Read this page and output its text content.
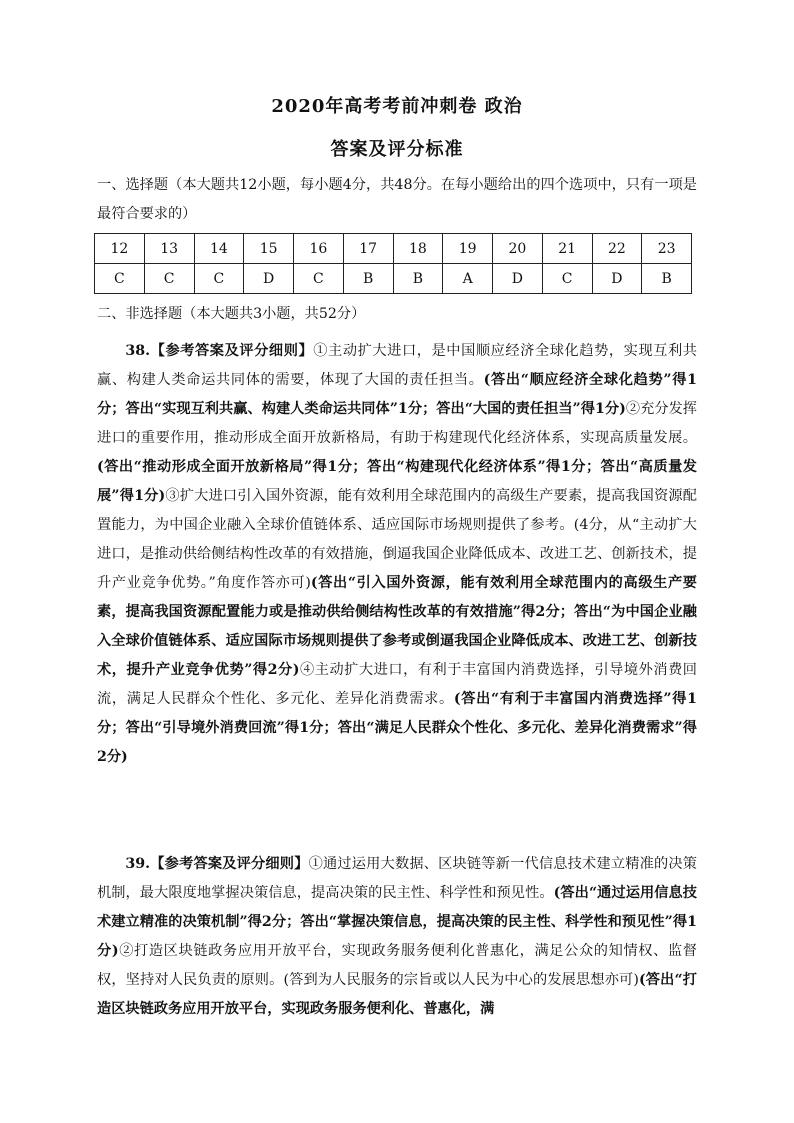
2020年高考考前冲刺卷 政治
答案及评分标准
一、选择题（本大题共12小题，每小题4分，共48分。在每小题给出的四个选项中，只有一项是最符合要求的）
12	13	14	15	16	17	18	19	20	21	22	23
C	C	C	D	C	B	B	A	D	C	D	B
二、非选择题（本大题共3小题，共52分）
38.【参考答案及评分细则】①主动扩大进口，是中国顺应经济全球化趋势，实现互利共赢、构建人类命运共同体的需要，体现了大国的责任担当。(答出“顺应经济全球化趋势”得1分；答出“实现互利共赢、构建人类命运共同体”1分；答出“大国的责任担当”得1分)②充分发挥进口的重要作用，推动形成全面开放新格局，有助于构建现代化经济体系，实现高质量发展。(答出“推动形成全面开放新格局”得1分；答出“构建现代化经济体系”得1分；答出“高质量发展”得1分)③扩大进口引入国外资源，能有效利用全球范围内的高级生产要素，提高我国资源配置能力，为中国企业融入全球价值链体系、适应国际市场规则提供了参考。(4分，从“主动扩大进口，是推动供给侧结构性改革的有效措施，倒逼我国企业降低成本、改进工艺、创新技术，提升产业竞争优势。”角度作答亦可)(答出“引入国外资源，能有效利用全球范围内的高级生产要素，提高我国资源配置能力或是推动供给侧结构性改革的有效措施”得2分；答出“为中国企业融入全球价值链体系、适应国际市场规则提供了参考或倒逼我国企业降低成本、改进工艺、创新技术，提升产业竞争优势”得2分)④主动扩大进口，有利于丰富国内消费选择，引导境外消费回流，满足人民群众个性化、多元化、差异化消费需求。(答出“有利于丰富国内消费选择”得1分；答出“引导境外消费回流”得1分；答出“满足人民群众个性化、多元化、差异化消费需求”得2分)
39.【参考答案及评分细则】①通过运用大数据、区块链等新一代信息技术建立精准的决策机制，最大限度地掌握决策信息，提高决策的民主性、科学性和预见性。(答出“通过运用信息技术建立精准的决策机制”得2分；答出“掌握决策信息，提高决策的民主性、科学性和预见性”得1分)②打造区块链政务应用开放平台，实现政务服务便利化普惠化，满足公众的知情权、监督权，坚持对人民负责的原则。(答到为人民服务的宗旨或以人民为中心的发展思想亦可)(答出“打造区块链政务应用开放平台，实现政务服务便利化、普惠化，满
